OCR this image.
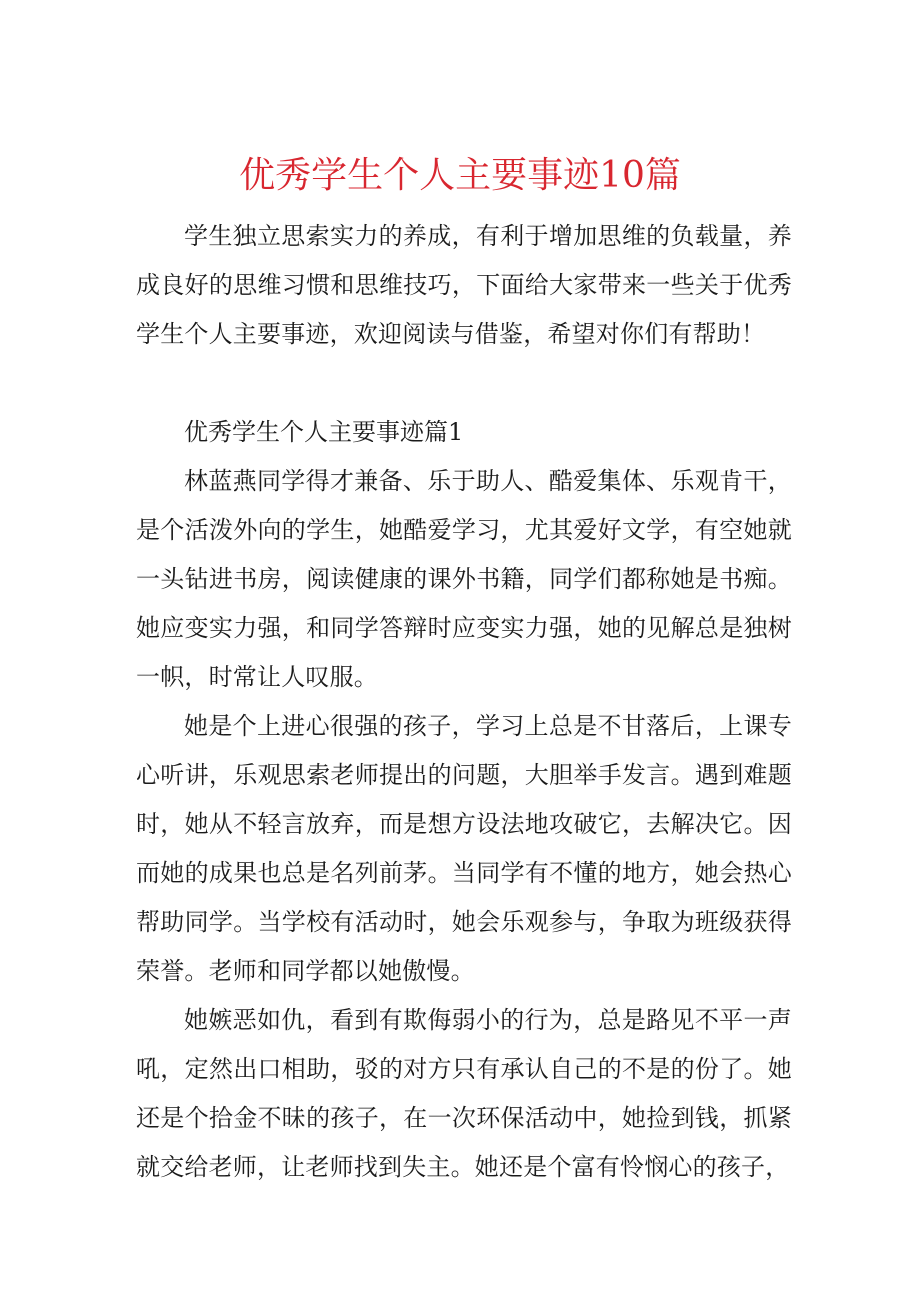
优秀学生个人主要事迹10篇

学生独立思索实力的养成，有利于增加思维的负载量，养成良好的思维习惯和思维技巧，下面给大家带来一些关于优秀学生个人主要事迹，欢迎阅读与借鉴，希望对你们有帮助！

优秀学生个人主要事迹篇1

林蓝燕同学得才兼备、乐于助人、酷爱集体、乐观肯干，是个活泼外向的学生，她酷爱学习，尤其爱好文学，有空她就一头钻进书房，阅读健康的课外书籍，同学们都称她是书痴。她应变实力强，和同学答辩时应变实力强，她的见解总是独树一帜，时常让人叹服。

她是个上进心很强的孩子，学习上总是不甘落后，上课专心听讲，乐观思索老师提出的问题，大胆举手发言。遇到难题时，她从不轻言放弃，而是想方设法地攻破它，去解决它。因而她的成果也总是名列前茅。当同学有不懂的地方，她会热心帮助同学。当学校有活动时，她会乐观参与，争取为班级获得荣誉。老师和同学都以她傲慢。

她嫉恶如仇，看到有欺侮弱小的行为，总是路见不平一声吼，定然出口相助，驳的对方只有承认自己的不是的份了。她还是个拾金不昧的孩子，在一次环保活动中，她捡到钱，抓紧就交给老师，让老师找到失主。她还是个富有怜悯心的孩子，
